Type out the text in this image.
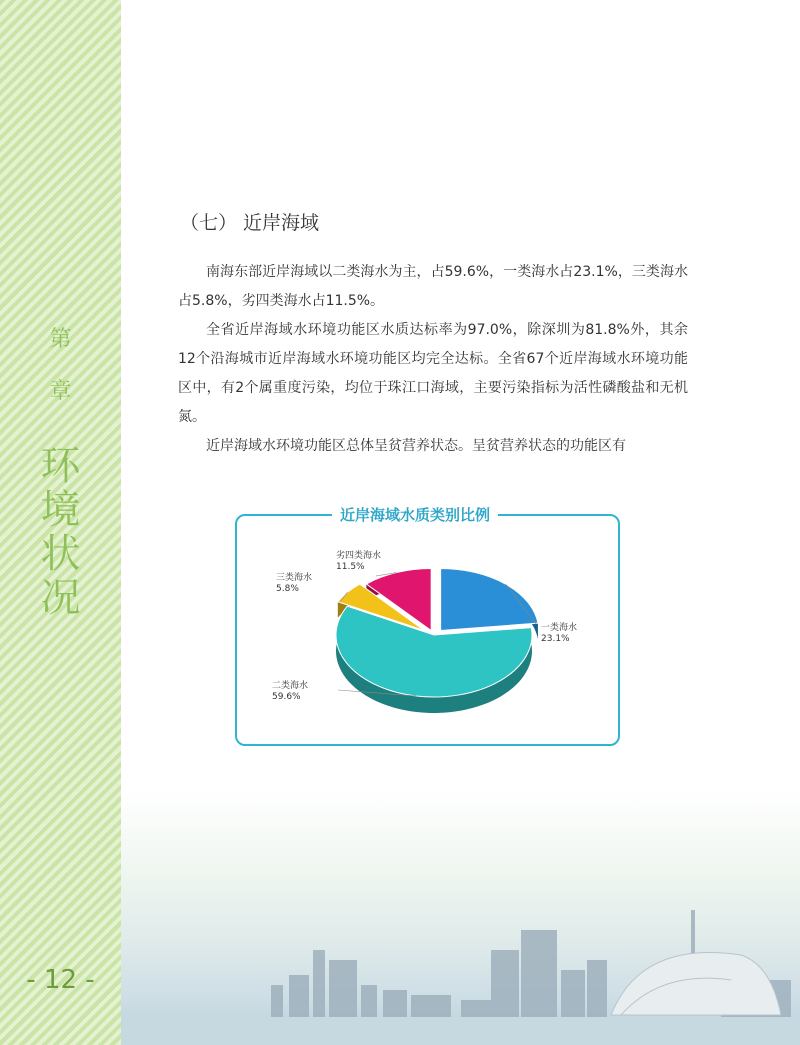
第
章
环
境
状
况
- 12 -
（七） 近岸海域
南海东部近岸海域以二类海水为主，占59.6%，一类海水占23.1%，三类海水占5.8%，劣四类海水占11.5%。
全省近岸海域水环境功能区水质达标率为97.0%，除深圳为81.8%外，其余12个沿海城市近岸海域水环境功能区均完全达标。全省67个近岸海域水环境功能区中，有2个属重度污染，均位于珠江口海域，主要污染指标为活性磷酸盐和无机氮。
近岸海域水环境功能区总体呈贫营养状态。呈贫营养状态的功能区有
近岸海域水质类别比例
一类海水
23.1%
二类海水
59.6%
三类海水
5.8%
劣四类海水
11.5%
